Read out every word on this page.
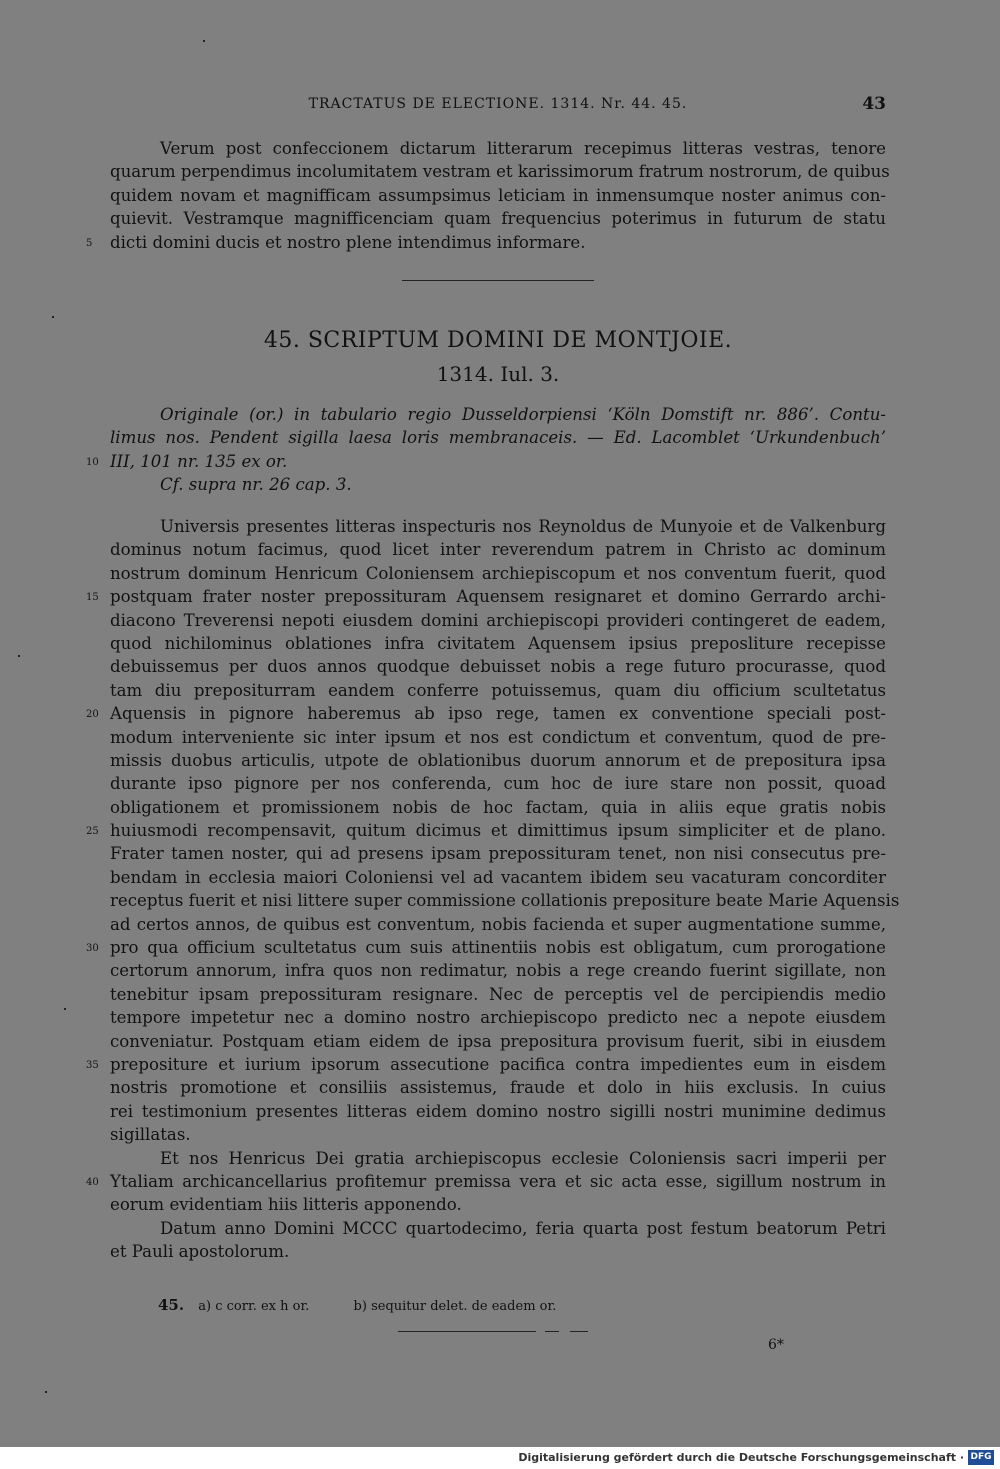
TRACTATUS DE ELECTIONE. 1314. Nr. 44. 45.	43
Verum post confeccionem dictarum litterarum recepimus litteras vestras, tenore
quarum perpendimus incolumitatem vestram et karissimorum fratrum nostrorum, de quibus
quidem novam et magnifficam assumpsimus leticiam in inmensumque noster animus con-
quievit. Vestramque magnifficenciam quam frequencius poterimus in futurum de statu
5	dicti domini ducis et nostro plene intendimus informare.
45. SCRIPTUM DOMINI DE MONTJOIE.
1314. Iul. 3.
Originale (or.) in tabulario regio Dusseldorpiensi ‘Köln Domstift nr. 886’. Contu-
limus nos. Pendent sigilla laesa loris membranaceis. — Ed. Lacomblet ‘Urkundenbuch’
10 III, 101 nr. 135 ex or.
Cf. supra nr. 26 cap. 3.
Universis presentes litteras inspecturis nos Reynoldus de Munyoie et de Valkenburg
dominus notum facimus, quod licet inter reverendum patrem in Christo ac dominum
nostrum dominum Henricum Coloniensem archiepiscopum et nos conventum fuerit, quod
15 postquam frater noster prepossituram Aquensem resignaret et domino Gerrardo archi-
diacono Treverensi nepoti eiusdem domini archiepiscopi provideri contingeret de eadem,
quod nichilominus oblationes infra civitatem Aquensem ipsius preposliture recepisse
debuissemus per duos annos quodque debuisset nobis a rege futuro procurasse, quod
tam diu prepositurram eandem conferre potuissemus, quam diu officium scultetatus
20 Aquensis in pignore haberemus ab ipso rege, tamen ex conventione speciali post-
modum interveniente sic inter ipsum et nos est condictum et conventum, quod de pre-
missis duobus articulis, utpote de oblationibus duorum annorum et de prepositura ipsa
durante ipso pignore per nos conferenda, cum hoc de iure stare non possit, quoad
obligationem et promissionem nobis de hoc factam, quia in aliis eque gratis nobis
25 huiusmodi recompensavit, quitum dicimus et dimittimus ipsum simpliciter et de plano.
Frater tamen noster, qui ad presens ipsam prepossituram tenet, non nisi consecutus pre-
bendam in ecclesia maiori Coloniensi vel ad vacantem ibidem seu vacaturam concorditer
receptus fuerit et nisi littere super commissione collationis prepositure beate Marie Aquensis
ad certos annos, de quibus est conventum, nobis facienda et super augmentatione summe,
30 pro qua officium scultetatus cum suis attinentiis nobis est obligatum, cum prorogatione
certorum annorum, infra quos non redimatur, nobis a rege creando fuerint sigillate, non
tenebitur ipsam prepossituram resignare. Nec de perceptis vel de percipiendis medio
tempore impetetur nec a domino nostro archiepiscopo predicto nec a nepote eiusdem
conveniatur. Postquam etiam eidem de ipsa prepositura provisum fuerit, sibi in eiusdem
35 prepositure et iurium ipsorum assecutione pacifica contra impedientes eum in eisdem
nostris promotione et consiliis assistemus, fraude et dolo in hiis exclusis. In cuius
rei testimonium presentes litteras eidem domino nostro sigilli nostri munimine dedimus
sigillatas.
Et nos Henricus Dei gratia archiepiscopus ecclesie Coloniensis sacri imperii per
40 Ytaliam archicancellarius profitemur premissa vera et sic acta esse, sigillum nostrum in
eorum evidentiam hiis litteris apponendo.
Datum anno Domini MCCC quartodecimo, feria quarta post festum beatorum Petri
et Pauli apostolorum.
45. a) c corr. ex h or.	b) sequitur delet. de eadem or.
6*
Digitalisierung gefördert durch die Deutsche Forschungsgemeinschaft · DFG
